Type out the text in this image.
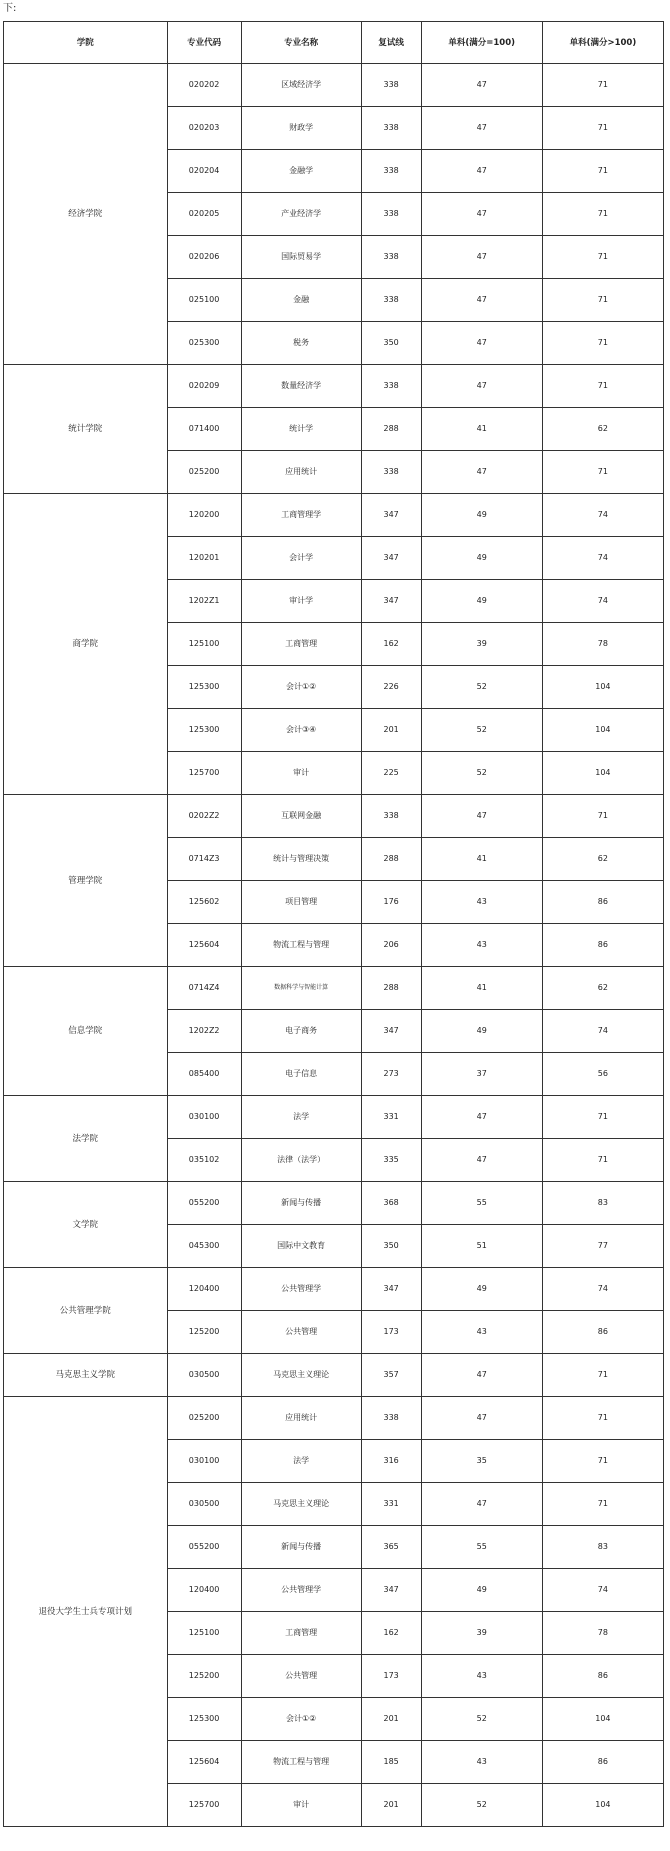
下:
学院	专业代码	专业名称	复试线	单科(满分=100)	单科(满分>100)
经济学院	020202	区域经济学	338	47	71
	020203	财政学	338	47	71
	020204	金融学	338	47	71
	020205	产业经济学	338	47	71
	020206	国际贸易学	338	47	71
	025100	金融	338	47	71
	025300	税务	350	47	71
统计学院	020209	数量经济学	338	47	71
	071400	统计学	288	41	62
	025200	应用统计	338	47	71
商学院	120200	工商管理学	347	49	74
	120201	会计学	347	49	74
	1202Z1	审计学	347	49	74
	125100	工商管理	162	39	78
	125300	会计①②	226	52	104
	125300	会计③④	201	52	104
	125700	审计	225	52	104
管理学院	0202Z2	互联网金融	338	47	71
	0714Z3	统计与管理决策	288	41	62
	125602	项目管理	176	43	86
	125604	物流工程与管理	206	43	86
信息学院	0714Z4	数据科学与智能计算	288	41	62
	1202Z2	电子商务	347	49	74
	085400	电子信息	273	37	56
法学院	030100	法学	331	47	71
	035102	法律（法学）	335	47	71
文学院	055200	新闻与传播	368	55	83
	045300	国际中文教育	350	51	77
公共管理学院	120400	公共管理学	347	49	74
	125200	公共管理	173	43	86
马克思主义学院	030500	马克思主义理论	357	47	71
退役大学生士兵专项计划	025200	应用统计	338	47	71
	030100	法学	316	35	71
	030500	马克思主义理论	331	47	71
	055200	新闻与传播	365	55	83
	120400	公共管理学	347	49	74
	125100	工商管理	162	39	78
	125200	公共管理	173	43	86
	125300	会计①②	201	52	104
	125604	物流工程与管理	185	43	86
	125700	审计	201	52	104
